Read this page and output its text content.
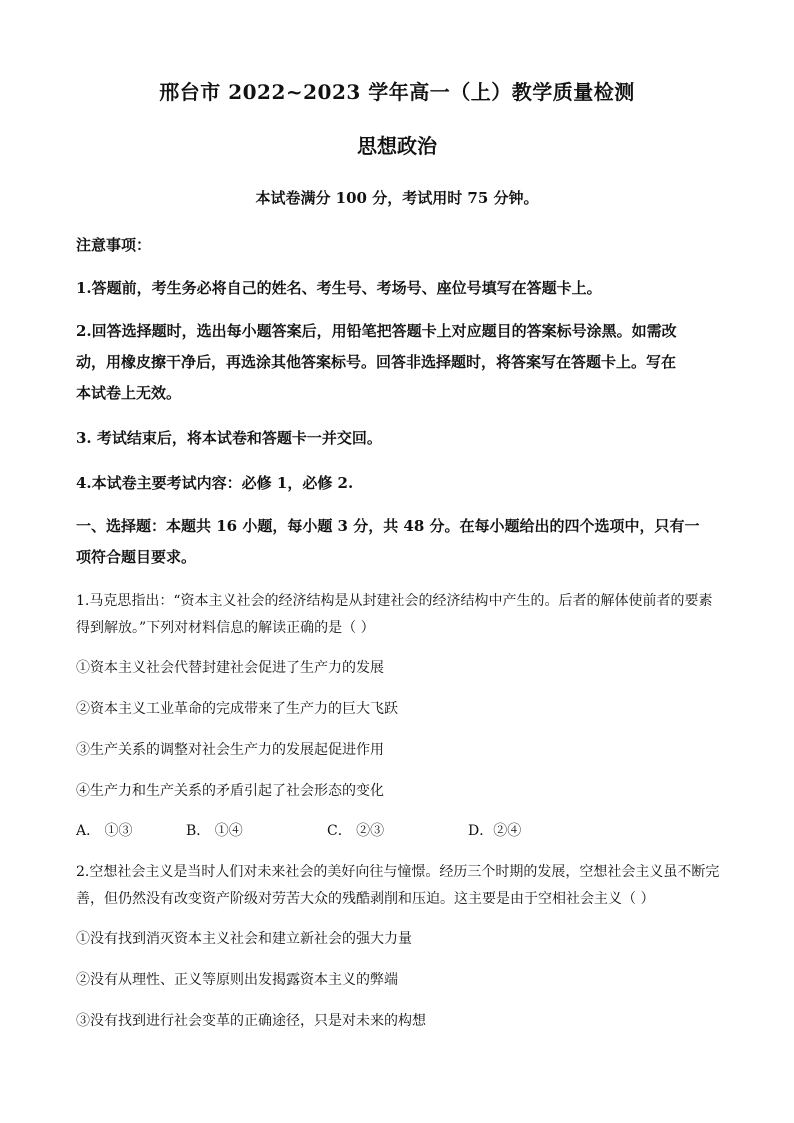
邢台市 2022~2023 学年高一（上）教学质量检测
思想政治
本试卷满分 100 分，考试用时 75 分钟。
注意事项：
1.答题前，考生务必将自己的姓名、考生号、考场号、座位号填写在答题卡上。
2.回答选择题时，选出每小题答案后，用铅笔把答题卡上对应题目的答案标号涂黑。如需改
动，用橡皮擦干净后，再选涂其他答案标号。回答非选择题时，将答案写在答题卡上。写在
本试卷上无效。
3. 考试结束后，将本试卷和答题卡一并交回。
4.本试卷主要考试内容：必修 1，必修 2.
一、选择题：本题共 16 小题，每小题 3 分，共 48 分。在每小题给出的四个选项中，只有一
项符合题目要求。
1.马克思指出：“资本主义社会的经济结构是从封建社会的经济结构中产生的。后者的解体使前者的要素
得到解放。”下列对材料信息的解读正确的是（ ）
①资本主义社会代替封建社会促进了生产力的发展
②资本主义工业革命的完成带来了生产力的巨大飞跃
③生产关系的调整对社会生产力的发展起促进作用
④生产力和生产关系的矛盾引起了社会形态的变化
A． ①③	B． ①④	C． ②③	D．②④
2.空想社会主义是当时人们对未来社会的美好向往与憧憬。经历三个时期的发展，空想社会主义虽不断完
善，但仍然没有改变资产阶级对劳苦大众的残酷剥削和压迫。这主要是由于空相社会主义（ ）
①没有找到消灭资本主义社会和建立新社会的强大力量
②没有从理性、正义等原则出发揭露资本主义的弊端
③没有找到进行社会变革的正确途径，只是对未来的构想
